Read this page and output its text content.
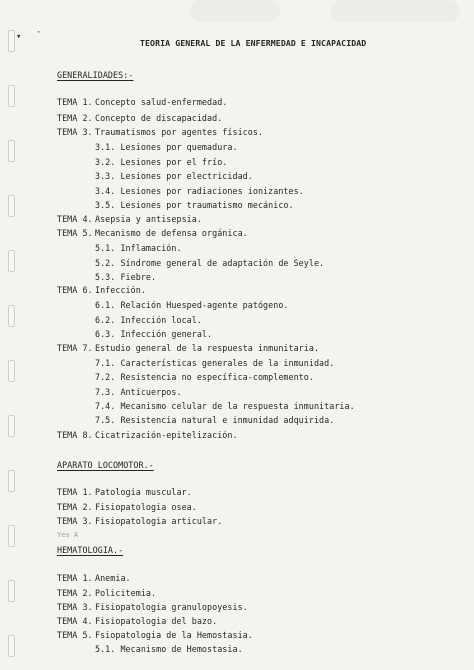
▾ ·
TEORIA GENERAL DE LA ENFERMEDAD E INCAPACIDAD
GENERALIDADES:-
TEMA 1. Concepto salud-enfermedad.
TEMA 2. Concepto de discapacidad.
TEMA 3. Traumatismos por agentes físicos.
3.1. Lesiones por quemadura.
3.2. Lesiones por el frío.
3.3. Lesiones por electricidad.
3.4. Lesiones por radiaciones ionizantes.
3.5. Lesiones por traumatismo mecánico.
TEMA 4. Asepsia y antisepsia.
TEMA 5. Mecanismo de defensa orgánica.
5.1. Inflamación.
5.2. Síndrome general de adaptación de Seyle.
5.3. Fiebre.
TEMA 6. Infección.
6.1. Relación Huesped-agente patógeno.
6.2. Infección local.
6.3. Infección general.
TEMA 7. Estudio general de la respuesta inmunitaria.
7.1. Características generales de la inmunidad.
7.2. Resistencia no específica-complemento.
7.3. Anticuerpos.
7.4. Mecanismo celular de la respuesta inmunitaria.
7.5. Resistencia natural e inmunidad adquirida.
TEMA 8. Cicatrización-epitelización.
APARATO LOCOMOTOR.-
TEMA 1. Patologia muscular.
TEMA 2. Fisiopatologia osea.
TEMA 3. Fisiopatologia articular.
Yes A
HEMATOLOGIA.-
TEMA 1. Anemia.
TEMA 2. Policitemia.
TEMA 3. Fisiopatologia granulopoyesis.
TEMA 4. Fisiopatologia del bazo.
TEMA 5. Fsiopatologia de la Hemostasia.
5.1. Mecanismo de Hemostasia.
